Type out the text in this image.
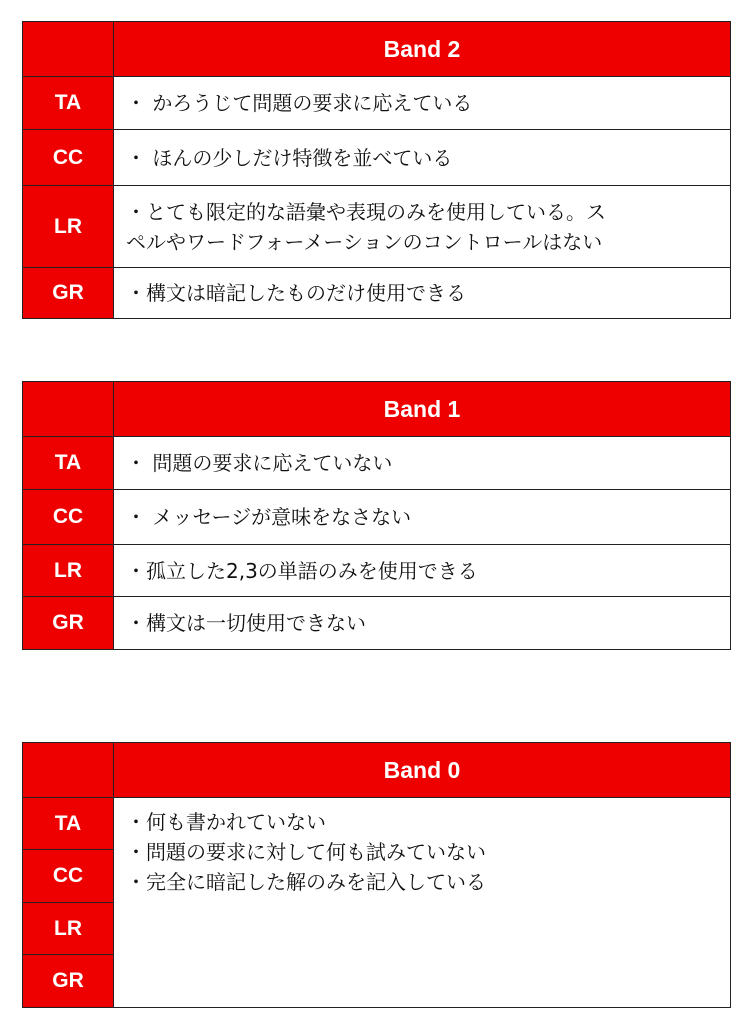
	Band 2
TA	・ かろうじて問題の要求に応えている

CC	・ ほんの少しだけ特徴を並べている

LR	・とても限定的な語彙や表現のみを使用している。ス
ペルやワードフォーメーションのコントロールはない

GR	・構文は暗記したものだけ使用できる
	Band 1
TA	・ 問題の要求に応えていない

CC	・ メッセージが意味をなさない

LR	・孤立した2,3の単語のみを使用できる

GR	・構文は一切使用できない
	Band 0
TA	・何も書かれていない
・問題の要求に対して何も試みていない
・完全に暗記した解のみを記入している

CC	
LR	
GR	
